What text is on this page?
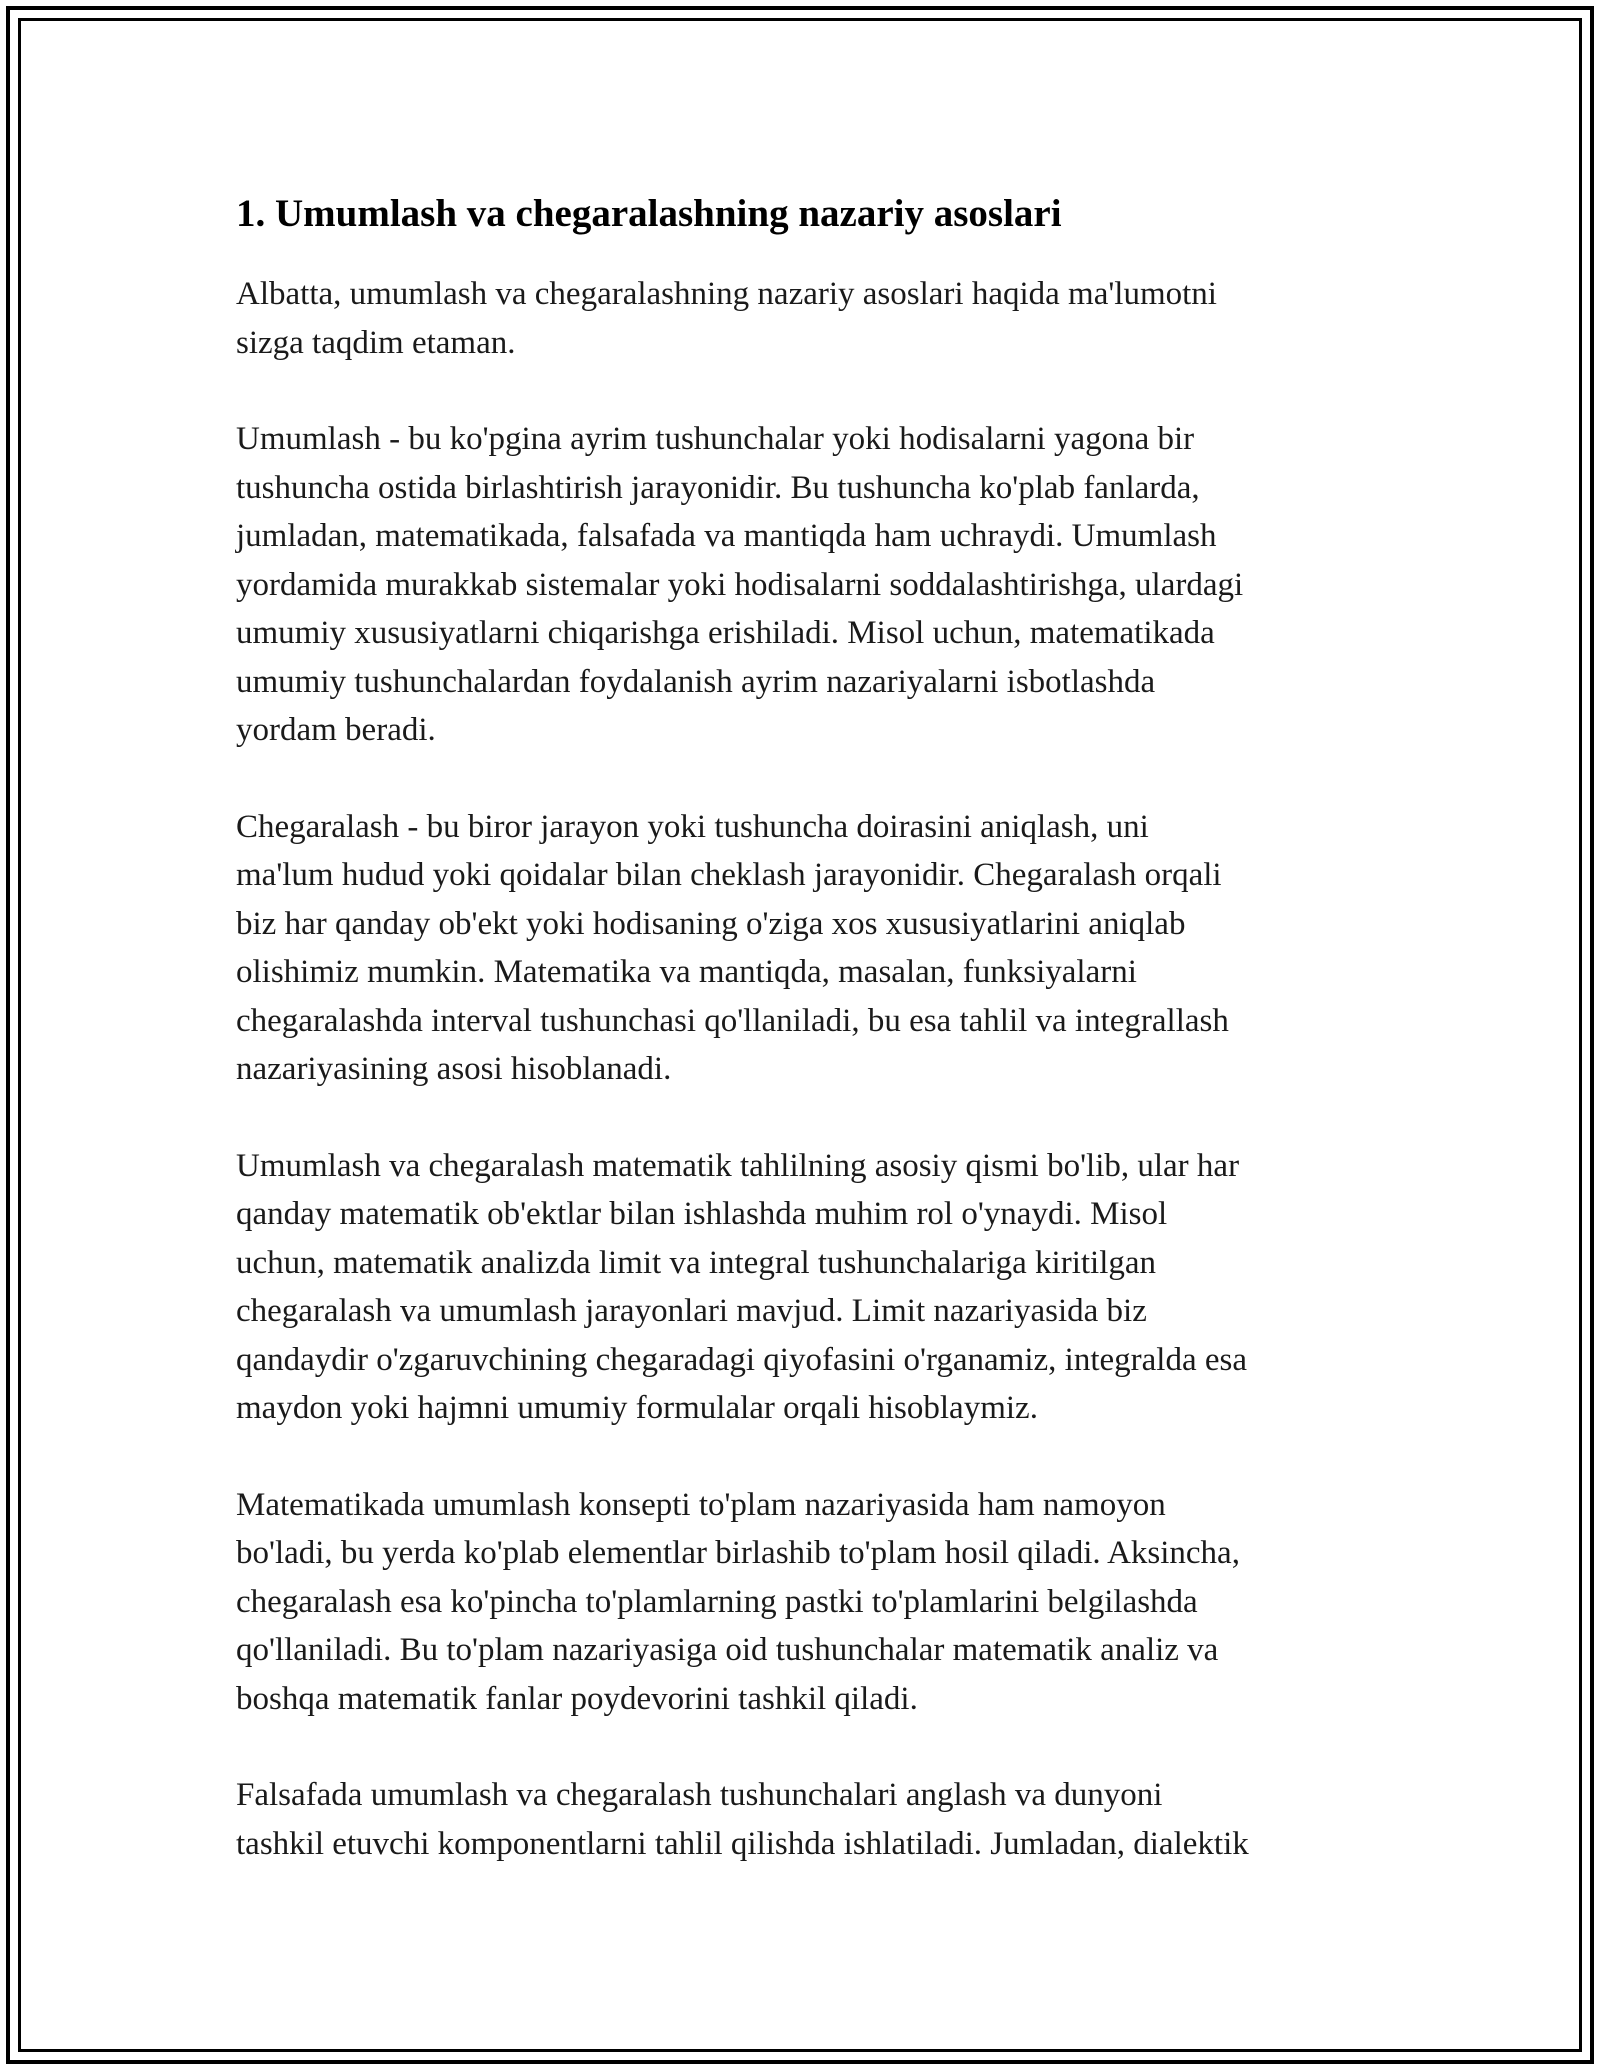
1. Umumlash va chegaralashning nazariy asoslari

Albatta, umumlash va chegaralashning nazariy asoslari haqida ma'lumotni
sizga taqdim etaman.

Umumlash - bu ko'pgina ayrim tushunchalar yoki hodisalarni yagona bir
tushuncha ostida birlashtirish jarayonidir. Bu tushuncha ko'plab fanlarda,
jumladan, matematikada, falsafada va mantiqda ham uchraydi. Umumlash
yordamida murakkab sistemalar yoki hodisalarni soddalashtirishga, ulardagi
umumiy xususiyatlarni chiqarishga erishiladi. Misol uchun, matematikada
umumiy tushunchalardan foydalanish ayrim nazariyalarni isbotlashda
yordam beradi.

Chegaralash - bu biror jarayon yoki tushuncha doirasini aniqlash, uni
ma'lum hudud yoki qoidalar bilan cheklash jarayonidir. Chegaralash orqali
biz har qanday ob'ekt yoki hodisaning o'ziga xos xususiyatlarini aniqlab
olishimiz mumkin. Matematika va mantiqda, masalan, funksiyalarni
chegaralashda interval tushunchasi qo'llaniladi, bu esa tahlil va integrallash
nazariyasining asosi hisoblanadi.

Umumlash va chegaralash matematik tahlilning asosiy qismi bo'lib, ular har
qanday matematik ob'ektlar bilan ishlashda muhim rol o'ynaydi. Misol
uchun, matematik analizda limit va integral tushunchalariga kiritilgan
chegaralash va umumlash jarayonlari mavjud. Limit nazariyasida biz
qandaydir o'zgaruvchining chegaradagi qiyofasini o'rganamiz, integralda esa
maydon yoki hajmni umumiy formulalar orqali hisoblaymiz.

Matematikada umumlash konsepti to'plam nazariyasida ham namoyon
bo'ladi, bu yerda ko'plab elementlar birlashib to'plam hosil qiladi. Aksincha,
chegaralash esa ko'pincha to'plamlarning pastki to'plamlarini belgilashda
qo'llaniladi. Bu to'plam nazariyasiga oid tushunchalar matematik analiz va
boshqa matematik fanlar poydevorini tashkil qiladi.

Falsafada umumlash va chegaralash tushunchalari anglash va dunyoni
tashkil etuvchi komponentlarni tahlil qilishda ishlatiladi. Jumladan, dialektik
